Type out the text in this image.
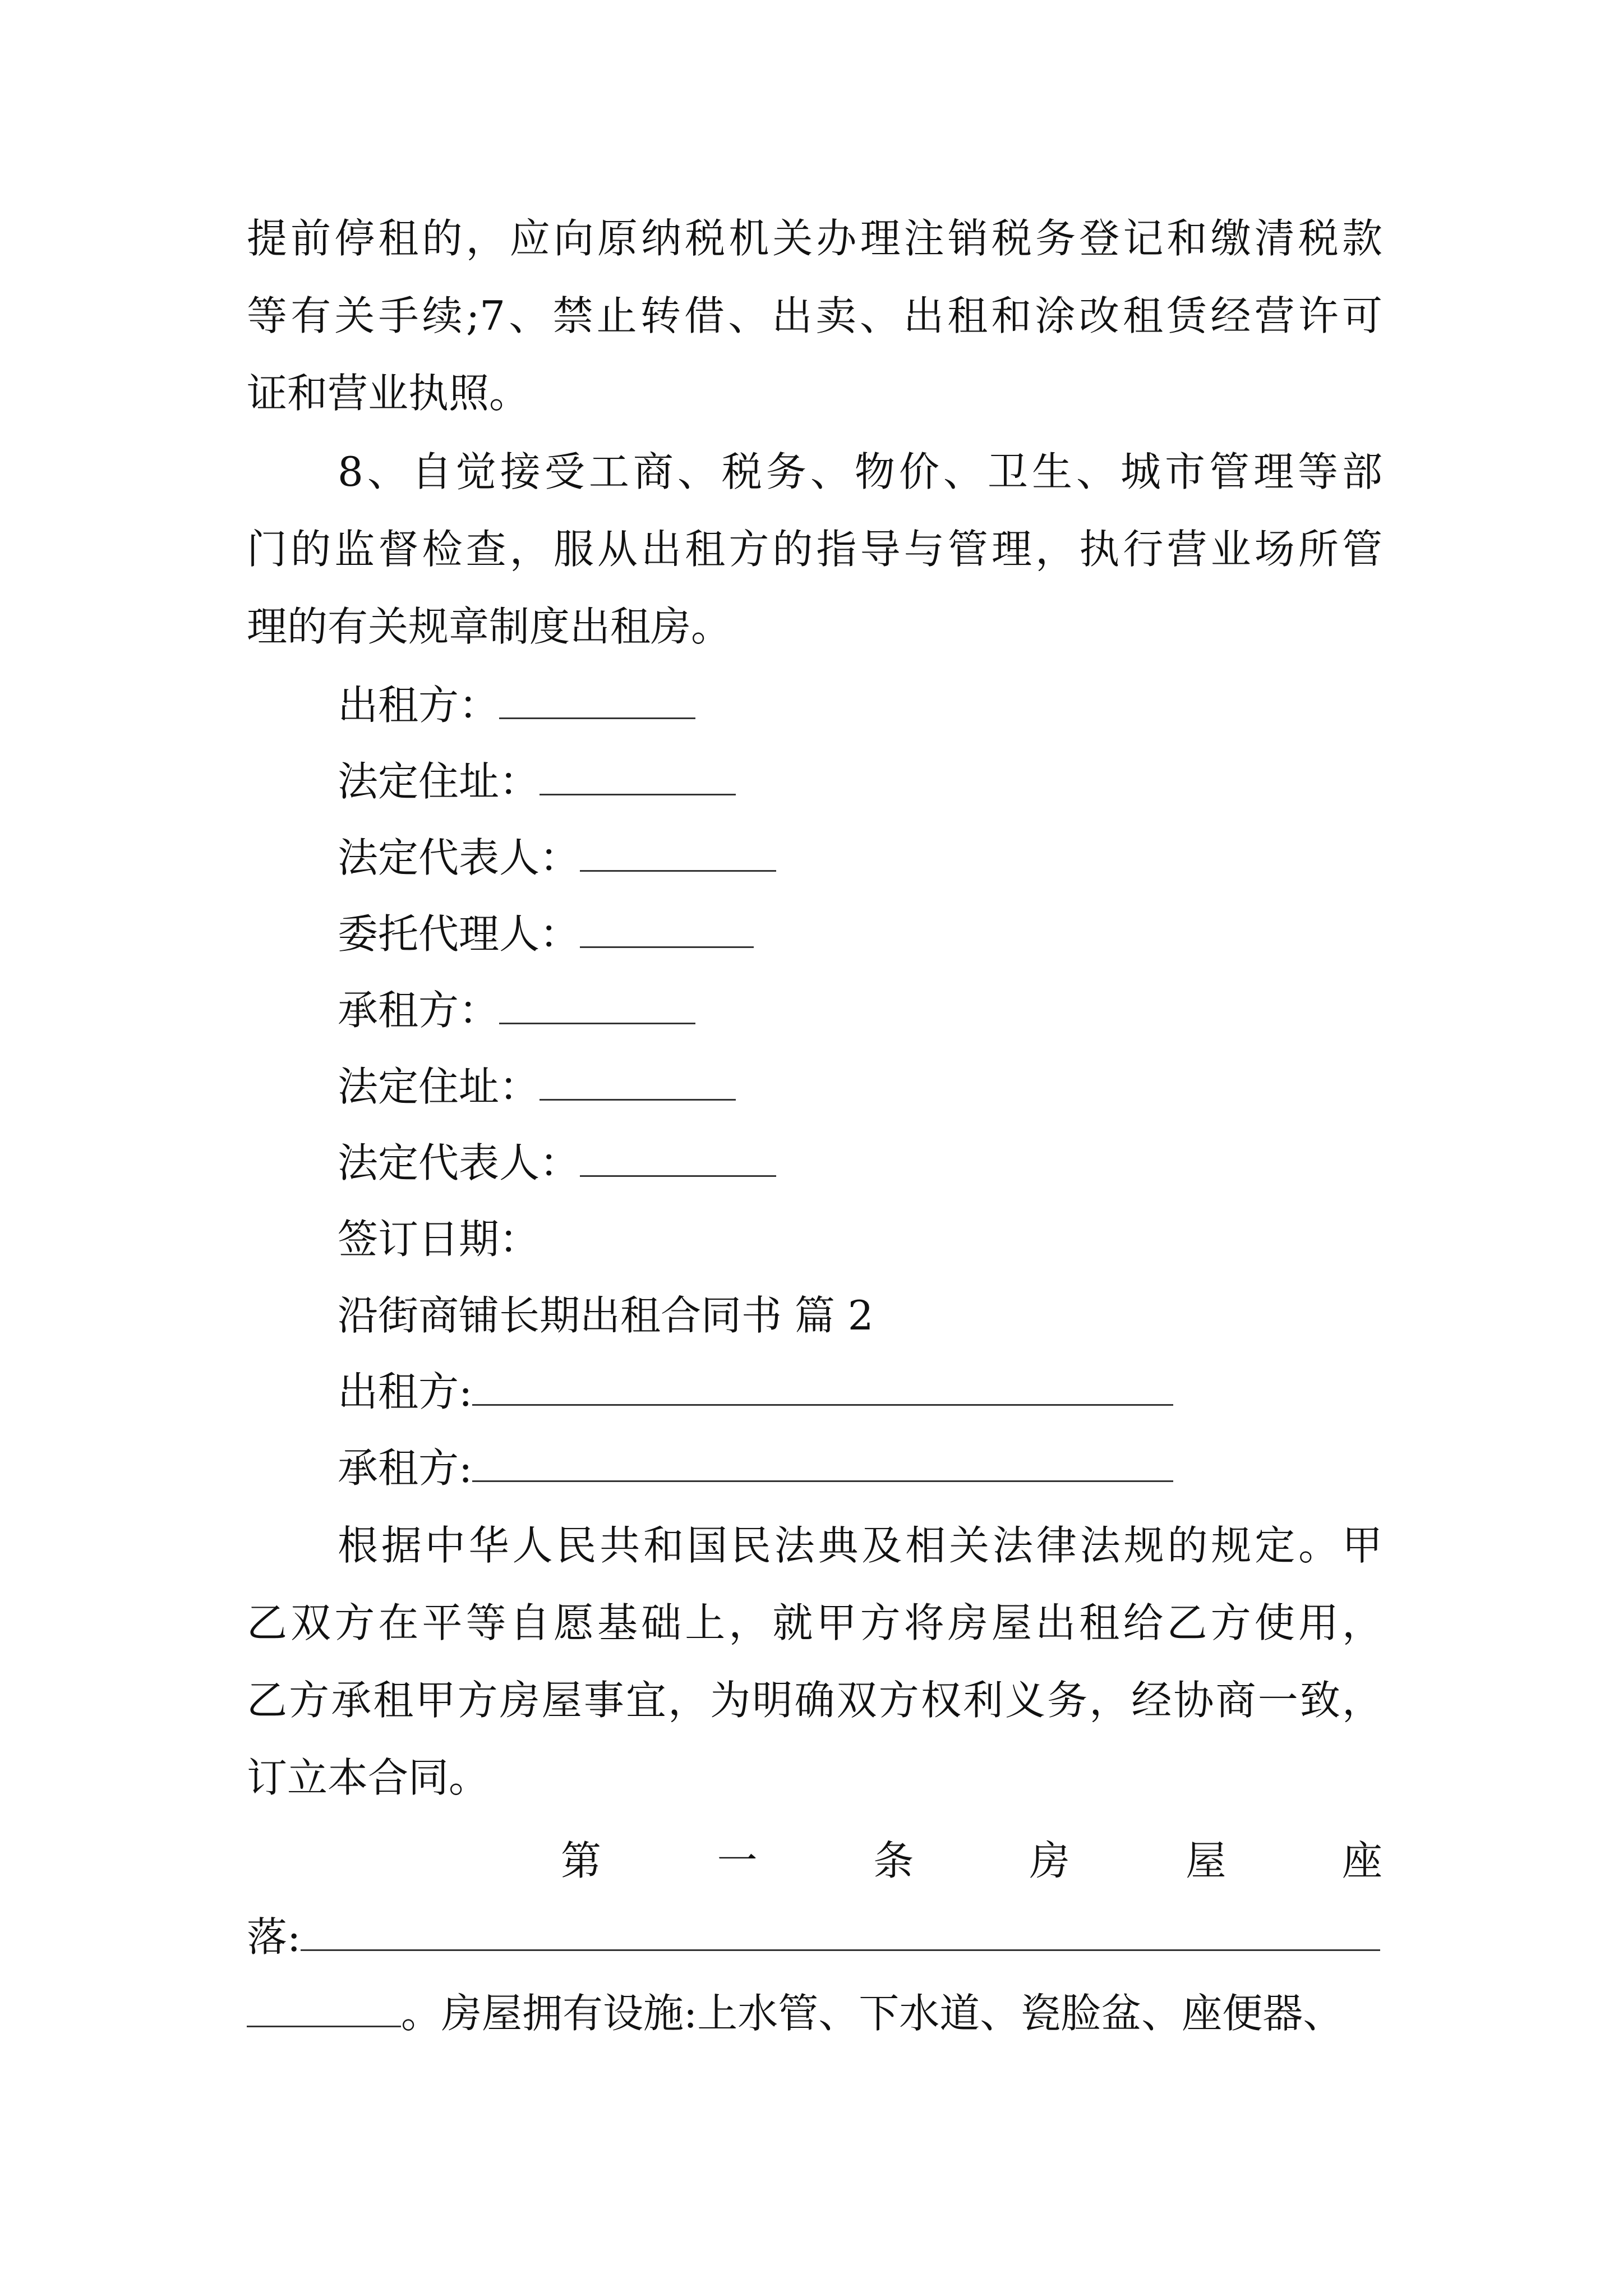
提前停租的，应向原纳税机关办理注销税务登记和缴清税款
等有关手续;7、禁止转借、出卖、出租和涂改租赁经营许可
证和营业执照。
8、自觉接受工商、税务、物价、卫生、城市管理等部
门的监督检查，服从出租方的指导与管理，执行营业场所管
理的有关规章制度出租房。
出租方：
法定住址：
法定代表人：
委托代理人：
承租方：
法定住址：
法定代表人：
签订日期：
沿街商铺长期出租合同书 篇 2
出租方:
承租方:
根据中华人民共和国民法典及相关法律法规的规定。甲
乙双方在平等自愿基础上，就甲方将房屋出租给乙方使用，
乙方承租甲方房屋事宜，为明确双方权利义务，经协商一致，
订立本合同。
第	一	条	房	屋	座
落:
。房屋拥有设施:上水管、下水道、瓷脸盆、座便器、
